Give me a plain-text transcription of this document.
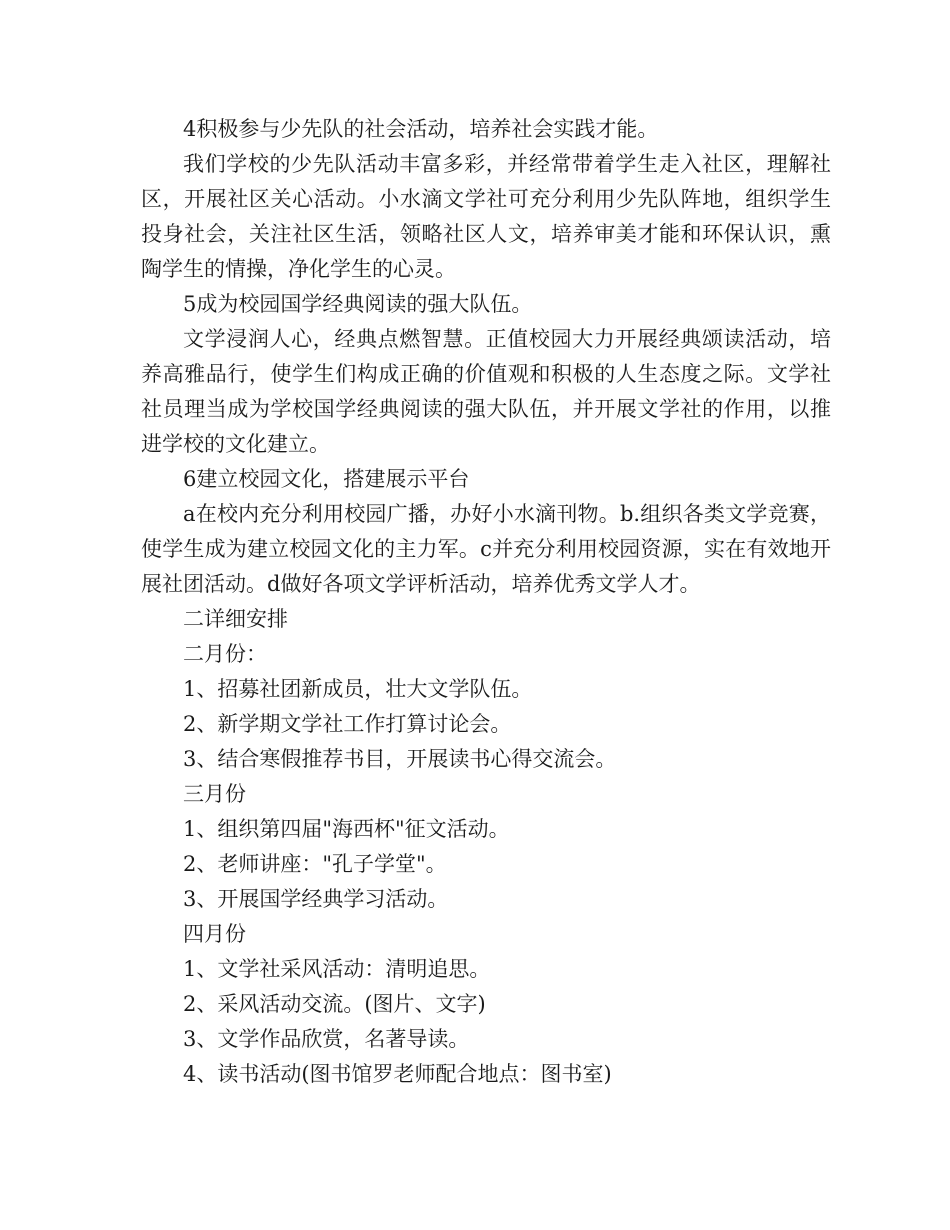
4积极参与少先队的社会活动，培养社会实践才能。

我们学校的少先队活动丰富多彩，并经常带着学生走入社区，理解社区，开展社区关心活动。小水滴文学社可充分利用少先队阵地，组织学生投身社会，关注社区生活，领略社区人文，培养审美才能和环保认识，熏陶学生的情操，净化学生的心灵。

5成为校园国学经典阅读的强大队伍。

文学浸润人心，经典点燃智慧。正值校园大力开展经典颂读活动，培养高雅品行，使学生们构成正确的价值观和积极的人生态度之际。文学社社员理当成为学校国学经典阅读的强大队伍，并开展文学社的作用，以推进学校的文化建立。

6建立校园文化，搭建展示平台

a在校内充分利用校园广播，办好小水滴刊物。b.组织各类文学竞赛，使学生成为建立校园文化的主力军。c并充分利用校园资源，实在有效地开展社团活动。d做好各项文学评析活动，培养优秀文学人才。

二详细安排

二月份：

1、招募社团新成员，壮大文学队伍。

2、新学期文学社工作打算讨论会。

3、结合寒假推荐书目，开展读书心得交流会。

三月份

1、组织第四届"海西杯"征文活动。

2、老师讲座："孔子学堂"。

3、开展国学经典学习活动。

四月份

1、文学社采风活动：清明追思。

2、采风活动交流。(图片、文字)

3、文学作品欣赏，名著导读。

4、读书活动(图书馆罗老师配合地点：图书室)
